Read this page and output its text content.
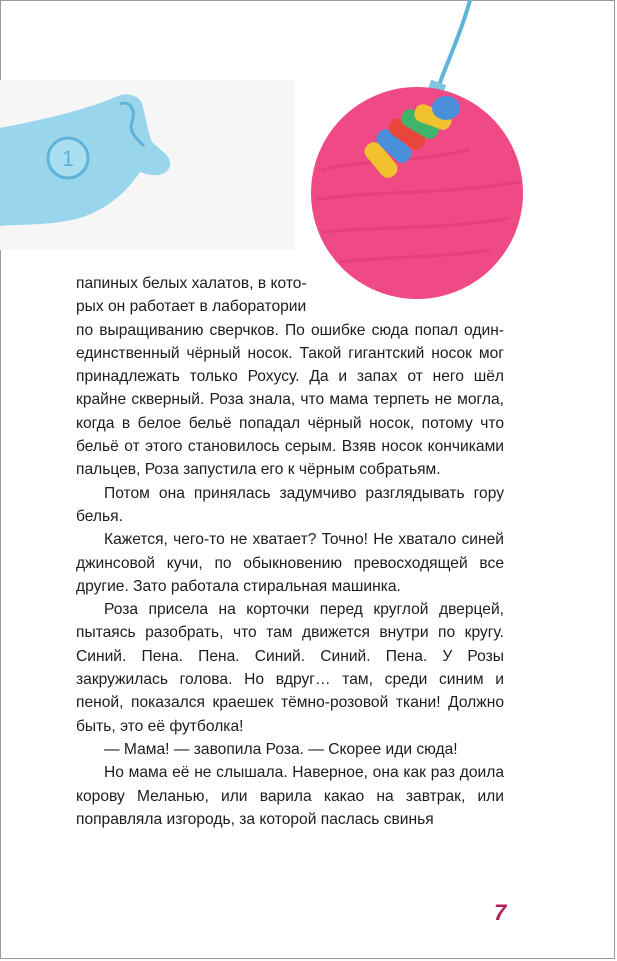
1

папиных белых халатов, в кото-

рых он работает в лаборатории

по выращиванию сверчков. По ошибке сюда попал один-единственный чёрный носок. Такой гигантский носок мог принадлежать только Рохусу. Да и запах от него шёл крайне скверный. Роза знала, что мама терпеть не могла, когда в белое бельё попадал чёрный носок, потому что бельё от этого становилось серым. Взяв носок кончиками пальцев, Роза запустила его к чёрным собратьям.

Потом она принялась задумчиво разглядывать гору белья.

Кажется, чего-то не хватает? Точно! Не хватало синей джинсовой кучи, по обыкновению превосходящей все другие. Зато работала стиральная машинка.

Роза присела на корточки перед круглой дверцей, пытаясь разобрать, что там движется внутри по кругу. Синий. Пена. Пена. Синий. Синий. Пена. У Розы закружилась голова. Но вдруг… там, среди синим и пеной, показался краешек тёмно-розовой ткани! Должно быть, это её футболка!

— Мама! — завопила Роза. — Скорее иди сюда!

Но мама её не слышала. Наверное, она как раз доила корову Меланью, или варила какао на завтрак, или поправляла изгородь, за которой паслась свинья

7
